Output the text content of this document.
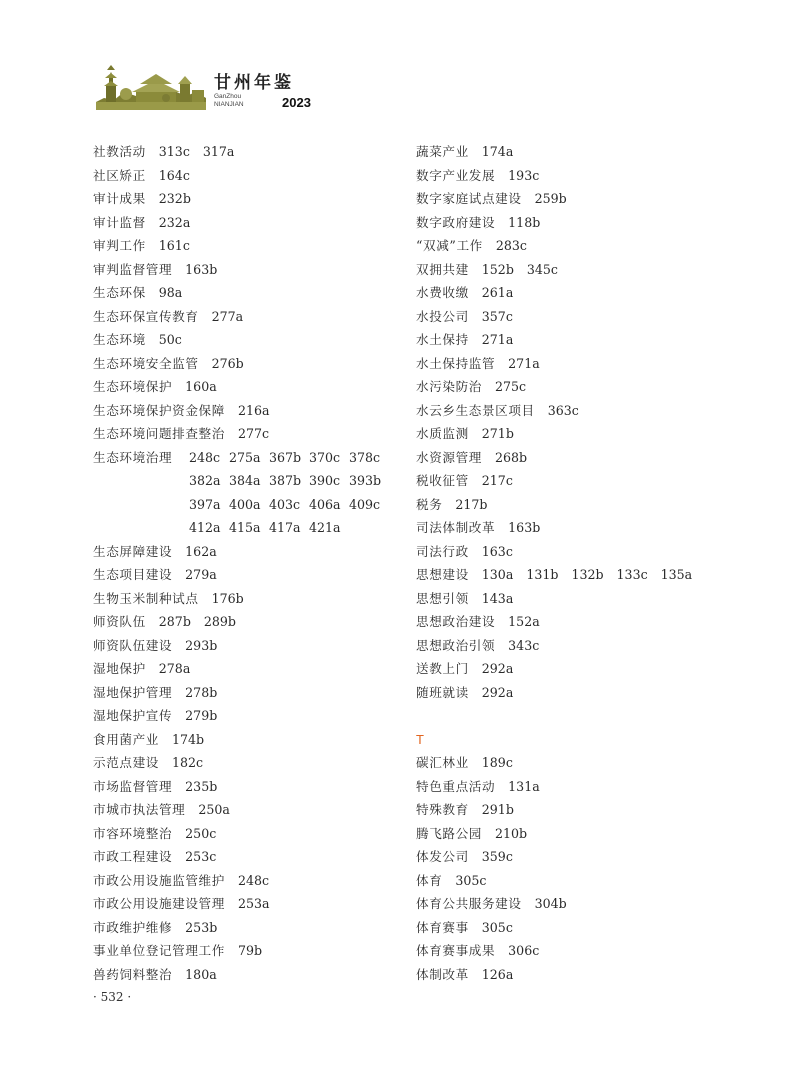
甘州年鉴
GanZhou
NIANJIAN	2023
社教活动 313c 317a
社区矫正 164c
审计成果 232b
审计监督 232a
审判工作 161c
审判监督管理 163b
生态环保 98a
生态环保宣传教育 277a
生态环境 50c
生态环境安全监管 276b
生态环境保护 160a
生态环境保护资金保障 216a
生态环境问题排查整治 277c
生态环境治理 248c 275a 367b 370c 378c
382a 384a 387b 390c 393b
397a 400a 403c 406a 409c
412a 415a 417a 421a
生态屏障建设 162a
生态项目建设 279a
生物玉米制种试点 176b
师资队伍 287b 289b
师资队伍建设 293b
湿地保护 278a
湿地保护管理 278b
湿地保护宣传 279b
食用菌产业 174b
示范点建设 182c
市场监督管理 235b
市城市执法管理 250a
市容环境整治 250c
市政工程建设 253c
市政公用设施监管维护 248c
市政公用设施建设管理 253a
市政维护维修 253b
事业单位登记管理工作 79b
兽药饲料整治 180a
蔬菜产业 174a
数字产业发展 193c
数字家庭试点建设 259b
数字政府建设 118b
“双减”工作 283c
双拥共建 152b 345c
水费收缴 261a
水投公司 357c
水土保持 271a
水土保持监管 271a
水污染防治 275c
水云乡生态景区项目 363c
水质监测 271b
水资源管理 268b
税收征管 217c
税务 217b
司法体制改革 163b
司法行政 163c
思想建设 130a 131b 132b 133c 135a
思想引领 143a
思想政治建设 152a
思想政治引领 343c
送教上门 292a
随班就读 292a
T
碳汇林业 189c
特色重点活动 131a
特殊教育 291b
腾飞路公园 210b
体发公司 359c
体育 305c
体育公共服务建设 304b
体育赛事 305c
体育赛事成果 306c
体制改革 126a
· 532 ·
